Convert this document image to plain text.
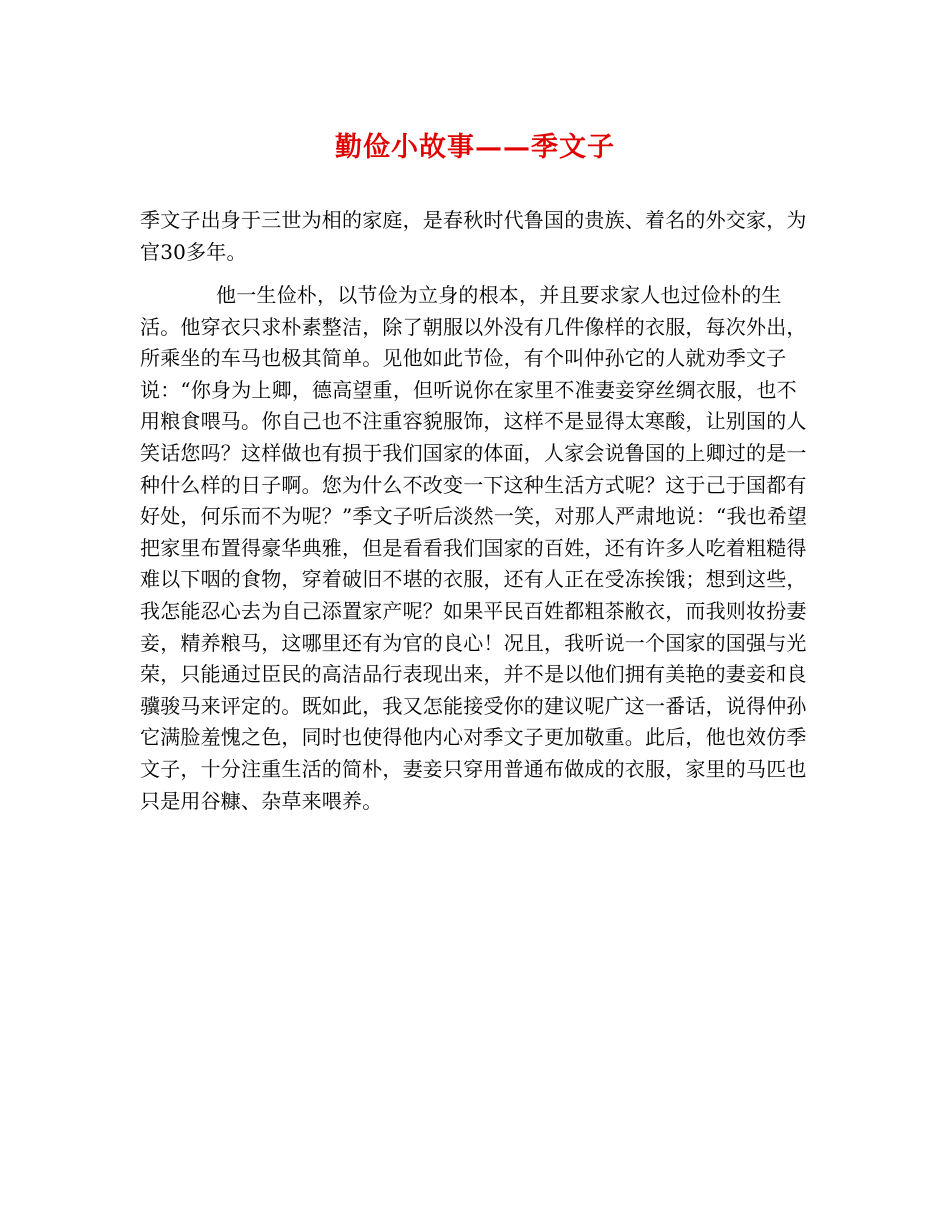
勤俭小故事——季文子
季文子出身于三世为相的家庭，是春秋时代鲁国的贵族、着名的外交家，为官30多年。
他一生俭朴，以节俭为立身的根本，并且要求家人也过俭朴的生活。他穿衣只求朴素整洁，除了朝服以外没有几件像样的衣服，每次外出，所乘坐的车马也极其简单。见他如此节俭，有个叫仲孙它的人就劝季文子说：“你身为上卿，德高望重，但听说你在家里不准妻妾穿丝绸衣服，也不用粮食喂马。你自己也不注重容貌服饰，这样不是显得太寒酸，让别国的人笑话您吗？这样做也有损于我们国家的体面，人家会说鲁国的上卿过的是一种什么样的日子啊。您为什么不改变一下这种生活方式呢？这于己于国都有好处，何乐而不为呢？”季文子听后淡然一笑，对那人严肃地说：“我也希望把家里布置得豪华典雅，但是看看我们国家的百姓，还有许多人吃着粗糙得难以下咽的食物，穿着破旧不堪的衣服，还有人正在受冻挨饿；想到这些，我怎能忍心去为自己添置家产呢？如果平民百姓都粗茶敝衣，而我则妆扮妻妾，精养粮马，这哪里还有为官的良心！况且，我听说一个国家的国强与光荣，只能通过臣民的高洁品行表现出来，并不是以他们拥有美艳的妻妾和良骥骏马来评定的。既如此，我又怎能接受你的建议呢广这一番话，说得仲孙它满脸羞愧之色，同时也使得他内心对季文子更加敬重。此后，他也效仿季文子，十分注重生活的简朴，妻妾只穿用普通布做成的衣服，家里的马匹也只是用谷糠、杂草来喂养。
